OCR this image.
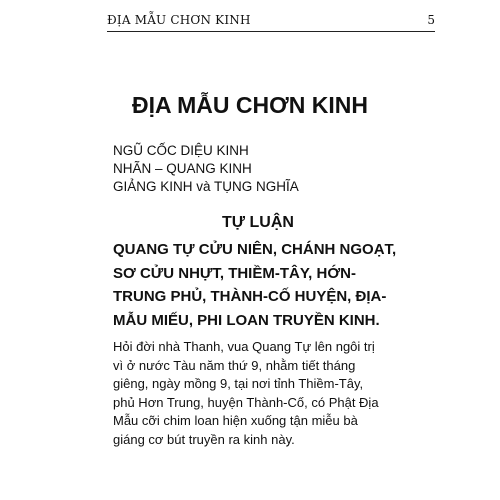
ĐỊA MẪU CHƠN KINH	5
ĐỊA MẪU CHƠN KINH
NGŨ CỐC DIỆU KINH
NHÃN – QUANG KINH
GIẢNG KINH và TỤNG NGHĨA
TỰ LUẬN
QUANG TỰ CỬU NIÊN, CHÁNH NGOẠT,
SƠ CỬU NHỰT, THIỀM-TÂY, HỚN-
TRUNG PHỦ, THÀNH-CỐ HUYỆN, ĐỊA-
MẪU MIẾU, PHI LOAN TRUYỀN KINH.
Hỏi đời nhà Thanh, vua Quang Tự lên ngôi trị
vì ở nước Tàu năm thứ 9, nhằm tiết tháng
giêng, ngày mồng 9, tại nơi tỉnh Thiềm-Tây,
phủ Hơn Trung, huyện Thành-Cố, có Phật Địa
Mẫu cỡi chim loan hiện xuống tận miễu bà
giáng cơ bút truyền ra kinh này.
